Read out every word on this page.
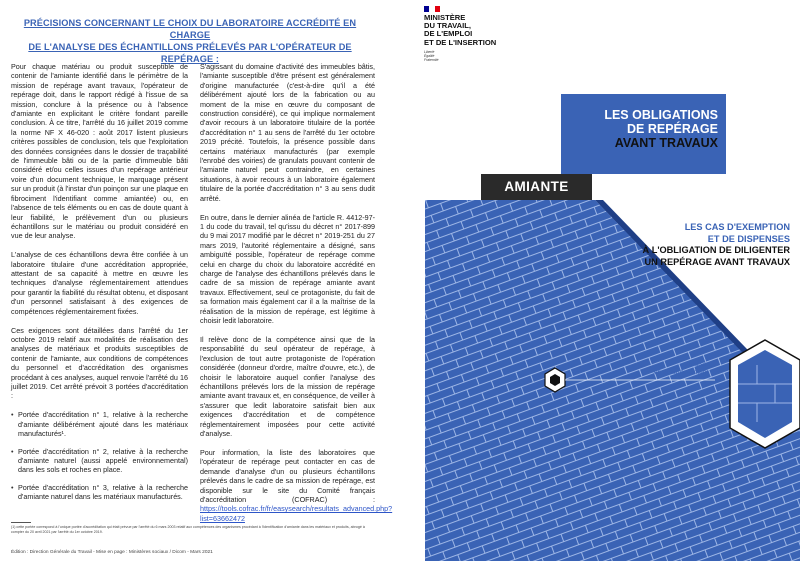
PRÉCISIONS CONCERNANT LE CHOIX DU LABORATOIRE ACCRÉDITÉ EN CHARGE
DE L'ANALYSE DES ÉCHANTILLONS PRÉLEVÉS PAR L'OPÉRATEUR DE REPÉRAGE :

Pour chaque matériau ou produit susceptible de contenir de l'amiante identifié dans le périmètre de la mission de repérage avant travaux, l'opérateur de repérage doit, dans le rapport rédigé à l'issue de sa mission, conclure à la présence ou à l'absence d'amiante en explicitant le critère fondant pareille conclusion. À ce titre, l'arrêté du 16 juillet 2019 comme la norme NF X 46-020 : août 2017 listent plusieurs critères possibles de conclusion, tels que l'exploitation des données consignées dans le dossier de traçabilité de l'immeuble bâti ou de la partie d'immeuble bâti considéré et/ou celles issues d'un repérage antérieur voire d'un document technique, le marquage présent sur un produit (à l'instar d'un poinçon sur une plaque en fibrociment l'identifiant comme amiantée) ou, en l'absence de tels éléments ou en cas de doute quant à leur fiabilité, le prélèvement d'un ou plusieurs échantillons sur le matériau ou produit considéré en vue de leur analyse.

L'analyse de ces échantillons devra être confiée à un laboratoire titulaire d'une accréditation appropriée, attestant de sa capacité à mettre en œuvre les techniques d'analyse réglementairement attendues pour garantir la fiabilité du résultat obtenu, et disposant d'un personnel satisfaisant à des exigences de compétences réglementairement fixées.

Ces exigences sont détaillées dans l'arrêté du 1er octobre 2019 relatif aux modalités de réalisation des analyses de matériaux et produits susceptibles de contenir de l'amiante, aux conditions de compétences du personnel et d'accréditation des organismes procédant à ces analyses, auquel renvoie l'arrêté du 16 juillet 2019. Cet arrêté prévoit 3 portées d'accréditation :

• Portée d'accréditation n° 1, relative à la recherche d'amiante délibérément ajouté dans les matériaux manufacturés¹.
• Portée d'accréditation n° 2, relative à la recherche d'amiante naturel (aussi appelé environnemental) dans les sols et roches en place.
• Portée d'accréditation n° 3, relative à la recherche d'amiante naturel dans les matériaux manufacturés.

S'agissant du domaine d'activité des immeubles bâtis, l'amiante susceptible d'être présent est généralement d'origine manufacturée (c'est-à-dire qu'il a été délibérément ajouté lors de la fabrication ou au moment de la mise en œuvre du composant de construction considéré), ce qui implique normalement d'avoir recours à un laboratoire titulaire de la portée d'accréditation n° 1 au sens de l'arrêté du 1er octobre 2019 précité. Toutefois, la présence possible dans certains matériaux manufacturés (par exemple l'enrobé des voiries) de granulats pouvant contenir de l'amiante naturel peut contraindre, en certaines situations, à avoir recours à un laboratoire également titulaire de la portée d'accréditation n° 3 au sens dudit arrêté.

En outre, dans le dernier alinéa de l'article R. 4412-97-1 du code du travail, tel qu'issu du décret n° 2017-899 du 9 mai 2017 modifié par le décret n° 2019-251 du 27 mars 2019, l'autorité réglementaire a désigné, sans ambiguïté possible, l'opérateur de repérage comme celui en charge du choix du laboratoire accrédité en charge de l'analyse des échantillons prélevés dans le cadre de sa mission de repérage amiante avant travaux. Effectivement, seul ce protagoniste, du fait de sa formation mais également car il a la maîtrise de la réalisation de la mission de repérage, est légitime à choisir ledit laboratoire.

Il relève donc de la compétence ainsi que de la responsabilité du seul opérateur de repérage, à l'exclusion de tout autre protagoniste de l'opération considérée (donneur d'ordre, maître d'ouvre, etc.), de choisir le laboratoire auquel confier l'analyse des échantillons prélevés lors de la mission de repérage amiante avant travaux et, en conséquence, de veiller à s'assurer que ledit laboratoire satisfait bien aux exigences d'accréditation et de compétence réglementairement imposées pour cette activité d'analyse.

Pour information, la liste des laboratoires que l'opérateur de repérage peut contacter en cas de demande d'analyse d'un ou plusieurs échantillons prélevés dans le cadre de sa mission de repérage, est disponible sur le site du Comité français d'accréditation (COFRAC) : https://tools.cofrac.fr/fr/easysearch/resultats_advanced.php?list=63662472

(1) cette portée correspond à l'unique portée d'accréditation qui était prévue par l'arrêté du 6 mars 2003 relatif aux compétences des organismes procédant à l'identification d'amiante dans les matériaux et produits, abrogé à compter du 20 avril 2021 par l'arrêté du 1er octobre 2019.
Édition : Direction Générale du Travail - Mise en page : Ministères sociaux / Dicom - Mars 2021
MINISTÈRE
DU TRAVAIL,
DE L'EMPLOI
ET DE L'INSERTION
Liberté
Égalité
Fraternité
LES OBLIGATIONS
DE REPÉRAGE
AVANT TRAVAUX
AMIANTE
LES CAS D'EXEMPTION
ET DE DISPENSES
À L'OBLIGATION DE DILIGENTER
UN REPÉRAGE AVANT TRAVAUX
ardoises
en amiante-ciment
